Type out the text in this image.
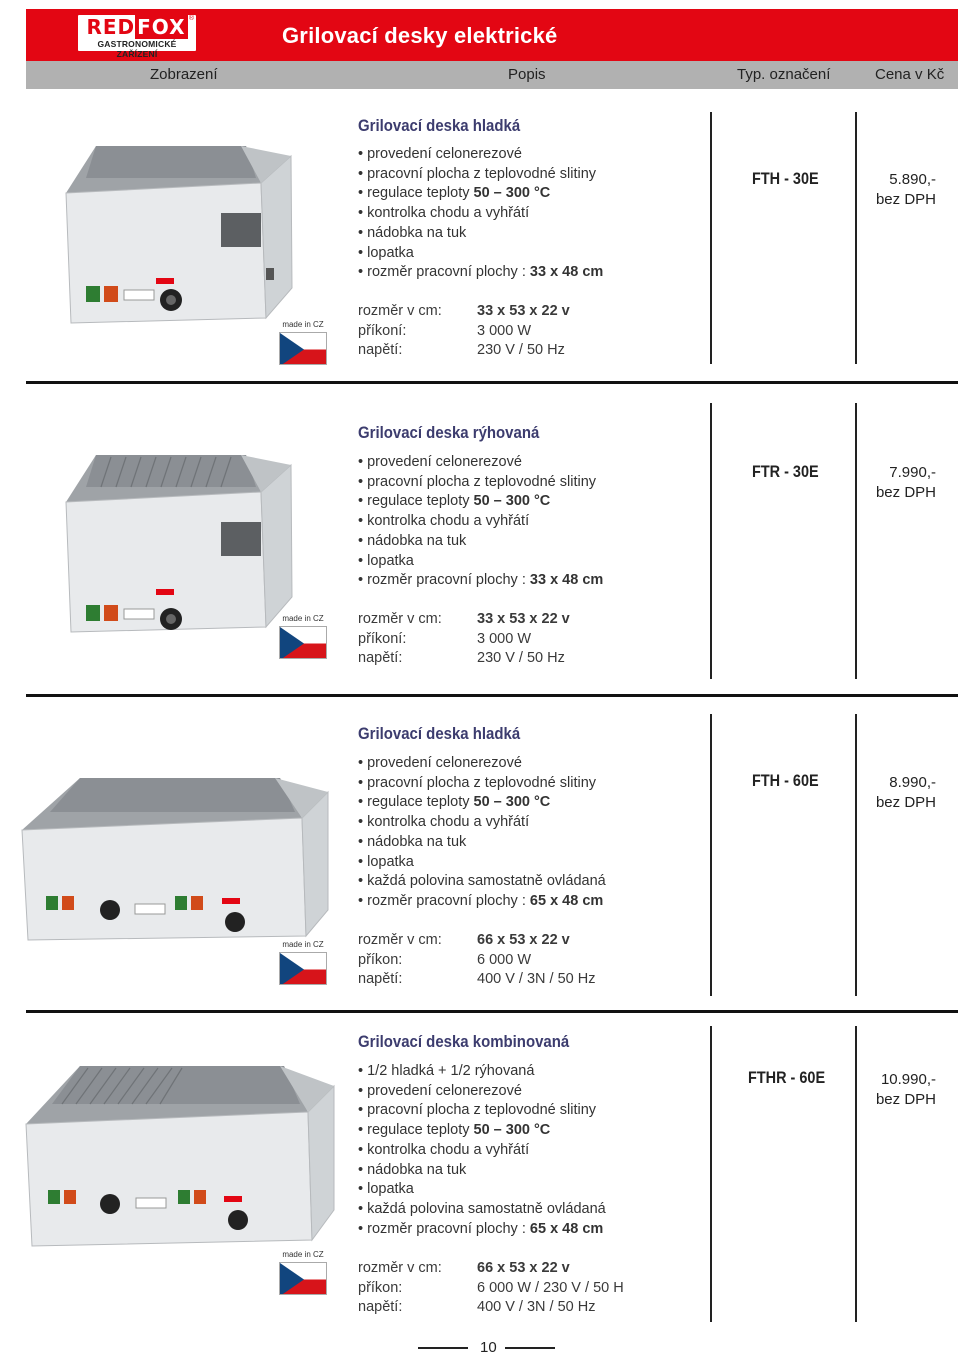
RED FOX ®
GASTRONOMICKÉ ZAŘÍZENÍ
Grilovací desky elektrické
Zobrazení	Popis	Typ. označení	Cena v Kč
made in CZ
Grilovací deska hladká
• provedení celonerezové
• pracovní plocha z teplovodné slitiny
• regulace teploty 50 – 300 °C
• kontrolka chodu a vyhřátí
• nádobka na tuk
• lopatka
• rozměr pracovní plochy : 33 x 48 cm
rozměr v cm: 33 x 53 x 22 v
příkoní:	3 000 W
napětí:	230 V / 50 Hz
FTH - 30E	5.890,-
bez DPH
made in CZ
Grilovací deska rýhovaná
• provedení celonerezové
• pracovní plocha z teplovodné slitiny
• regulace teploty 50 – 300 °C
• kontrolka chodu a vyhřátí
• nádobka na tuk
• lopatka
• rozměr pracovní plochy : 33 x 48 cm
rozměr v cm: 33 x 53 x 22 v
příkoní:	3 000 W
napětí:	230 V / 50 Hz
FTR - 30E	7.990,-
bez DPH
made in CZ
Grilovací deska hladká
• provedení celonerezové
• pracovní plocha z teplovodné slitiny
• regulace teploty 50 – 300 °C
• kontrolka chodu a vyhřátí
• nádobka na tuk
• lopatka
• každá polovina samostatně ovládaná
• rozměr pracovní plochy : 65 x 48 cm
rozměr v cm: 66 x 53 x 22 v
příkon:	6 000 W
napětí:	400 V / 3N / 50 Hz
FTH - 60E	8.990,-
bez DPH
made in CZ
Grilovací deska kombinovaná
• 1/2 hladká + 1/2 rýhovaná
• provedení celonerezové
• pracovní plocha z teplovodné slitiny
• regulace teploty 50 – 300 °C
• kontrolka chodu a vyhřátí
• nádobka na tuk
• lopatka
• každá polovina samostatně ovládaná
• rozměr pracovní plochy : 65 x 48 cm
rozměr v cm: 66 x 53 x 22 v
příkon:	6 000 W / 230 V / 50 H
napětí:	400 V / 3N / 50 Hz
FTHR - 60E	10.990,-
bez DPH
10
